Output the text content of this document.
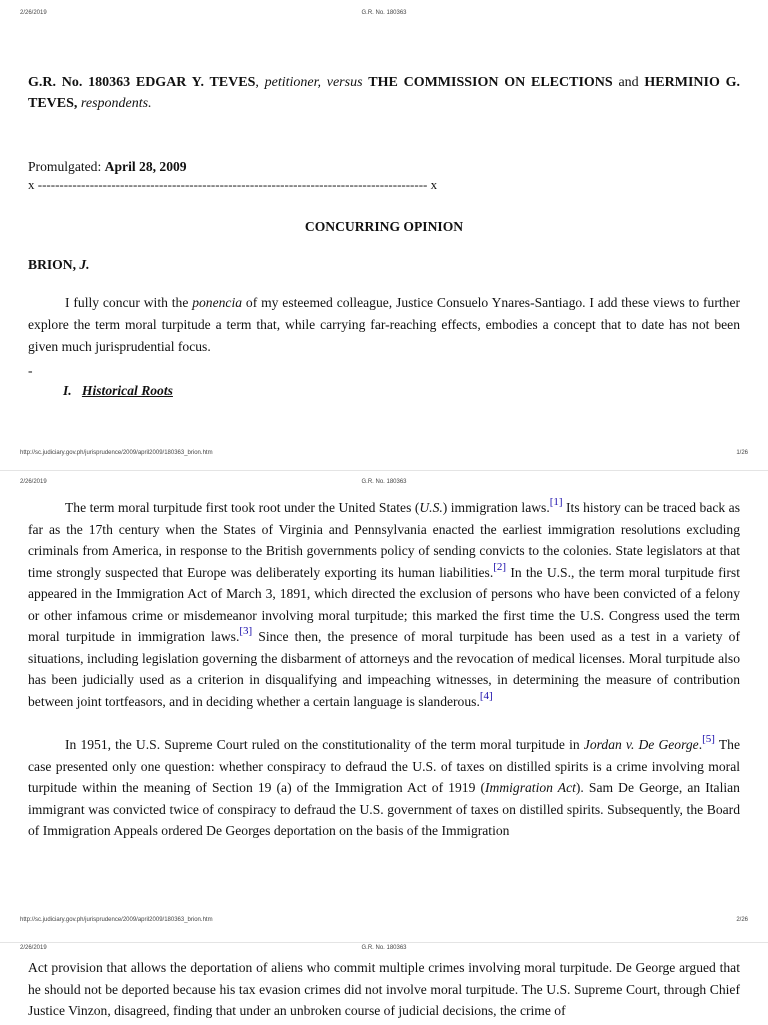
2/26/2019	G.R. No. 180363

G.R. No. 180363 EDGAR Y. TEVES, petitioner, versus THE COMMISSION ON ELECTIONS and HERMINIO G. TEVES, respondents.

Promulgated: April 28, 2009

x ------------------------------------------------------------------------------------------ x
CONCURRING OPINION

BRION, J.

I fully concur with the ponencia of my esteemed colleague, Justice Consuelo Ynares-Santiago. I add these views to further explore the term moral turpitude a term that, while carrying far-reaching effects, embodies a concept that to date has not been given much jurisprudential focus.

-

I. Historical Roots

http://sc.judiciary.gov.ph/jurisprudence/2009/april2009/180363_brion.htm	1/26
2/26/2019	G.R. No. 180363

The term moral turpitude first took root under the United States (U.S.) immigration laws.[1] Its history can be traced back as far as the 17th century when the States of Virginia and Pennsylvania enacted the earliest immigration resolutions excluding criminals from America, in response to the British governments policy of sending convicts to the colonies. State legislators at that time strongly suspected that Europe was deliberately exporting its human liabilities.[2] In the U.S., the term moral turpitude first appeared in the Immigration Act of March 3, 1891, which directed the exclusion of persons who have been convicted of a felony or other infamous crime or misdemeanor involving moral turpitude; this marked the first time the U.S. Congress used the term moral turpitude in immigration laws.[3] Since then, the presence of moral turpitude has been used as a test in a variety of situations, including legislation governing the disbarment of attorneys and the revocation of medical licenses. Moral turpitude also has been judicially used as a criterion in disqualifying and impeaching witnesses, in determining the measure of contribution between joint tortfeasors, and in deciding whether a certain language is slanderous.[4]

In 1951, the U.S. Supreme Court ruled on the constitutionality of the term moral turpitude in Jordan v. De George.[5] The case presented only one question: whether conspiracy to defraud the U.S. of taxes on distilled spirits is a crime involving moral turpitude within the meaning of Section 19 (a) of the Immigration Act of 1919 (Immigration Act). Sam De George, an Italian immigrant was convicted twice of conspiracy to defraud the U.S. government of taxes on distilled spirits. Subsequently, the Board of Immigration Appeals ordered De Georges deportation on the basis of the Immigration

http://sc.judiciary.gov.ph/jurisprudence/2009/april2009/180363_brion.htm	2/26
2/26/2019	G.R. No. 180363

Act provision that allows the deportation of aliens who commit multiple crimes involving moral turpitude. De George argued that he should not be deported because his tax evasion crimes did not involve moral turpitude. The U.S. Supreme Court, through Chief Justice Vinzon, disagreed, finding that under an unbroken course of judicial decisions, the crime of
